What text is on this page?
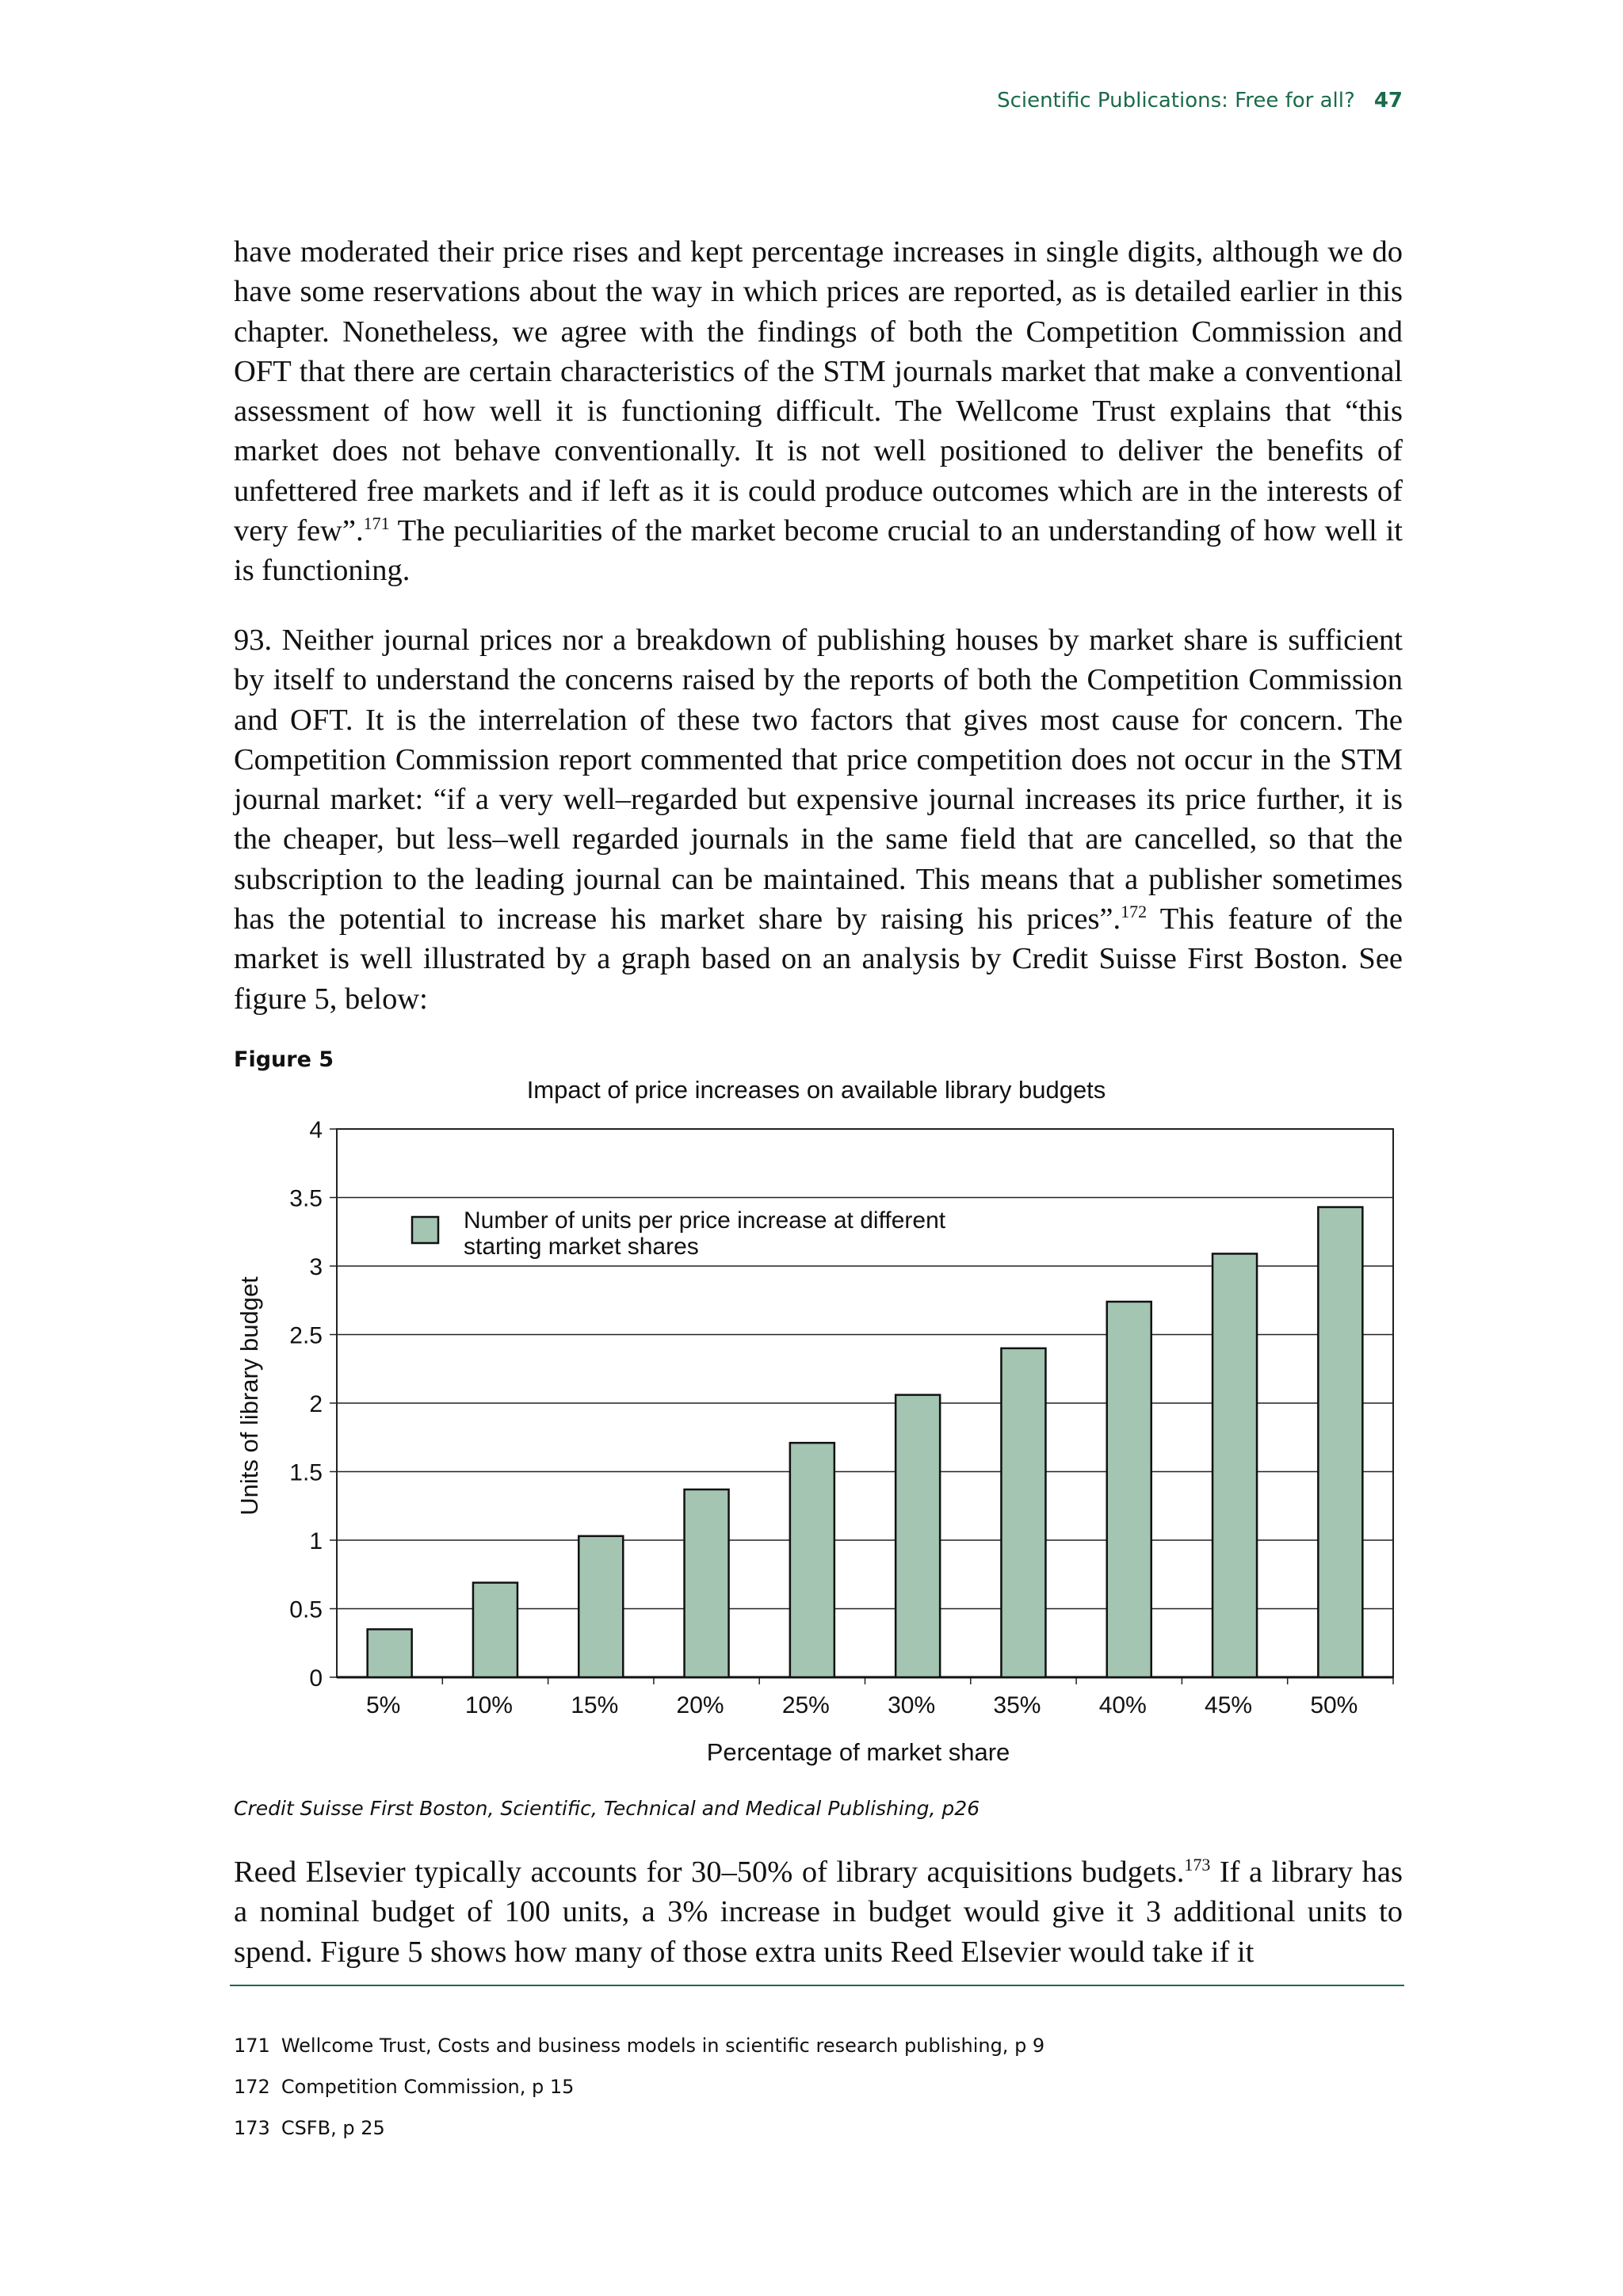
Scientific Publications: Free for all? 47
have moderated their price rises and kept percentage increases in single digits, although we do have some reservations about the way in which prices are reported, as is detailed earlier in this chapter. Nonetheless, we agree with the findings of both the Competition Commission and OFT that there are certain characteristics of the STM journals market that make a conventional assessment of how well it is functioning difficult. The Wellcome Trust explains that “this market does not behave conventionally. It is not well positioned to deliver the benefits of unfettered free markets and if left as it is could produce outcomes which are in the interests of very few”.$^{171}$ The peculiarities of the market become crucial to an understanding of how well it is functioning.
93. Neither journal prices nor a breakdown of publishing houses by market share is sufficient by itself to understand the concerns raised by the reports of both the Competition Commission and OFT. It is the interrelation of these two factors that gives most cause for concern. The Competition Commission report commented that price competition does not occur in the STM journal market: “if a very well–regarded but expensive journal increases its price further, it is the cheaper, but less–well regarded journals in the same field that are cancelled, so that the subscription to the leading journal can be maintained. This means that a publisher sometimes has the potential to increase his market share by raising his prices”.$^{172}$ This feature of the market is well illustrated by a graph based on an analysis by Credit Suisse First Boston. See figure 5, below:
Figure 5
Impact of price increases on available library budgets
0
0.5
1
1.5
2
2.5
3
3.5
4
5%	10% 15% 20% 25% 30% 35% 40% 45% 50%
Number of units per price increase at different
starting market shares
Percentage of market share
Units of library budget
Credit Suisse First Boston, Scientific, Technical and Medical Publishing, p26
Reed Elsevier typically accounts for 30–50% of library acquisitions budgets.$^{173}$ If a library has a nominal budget of 100 units, a 3% increase in budget would give it 3 additional units to spend. Figure 5 shows how many of those extra units Reed Elsevier would take if it
171 Wellcome Trust, Costs and business models in scientific research publishing, p 9
172 Competition Commission, p 15
173 CSFB, p 25
